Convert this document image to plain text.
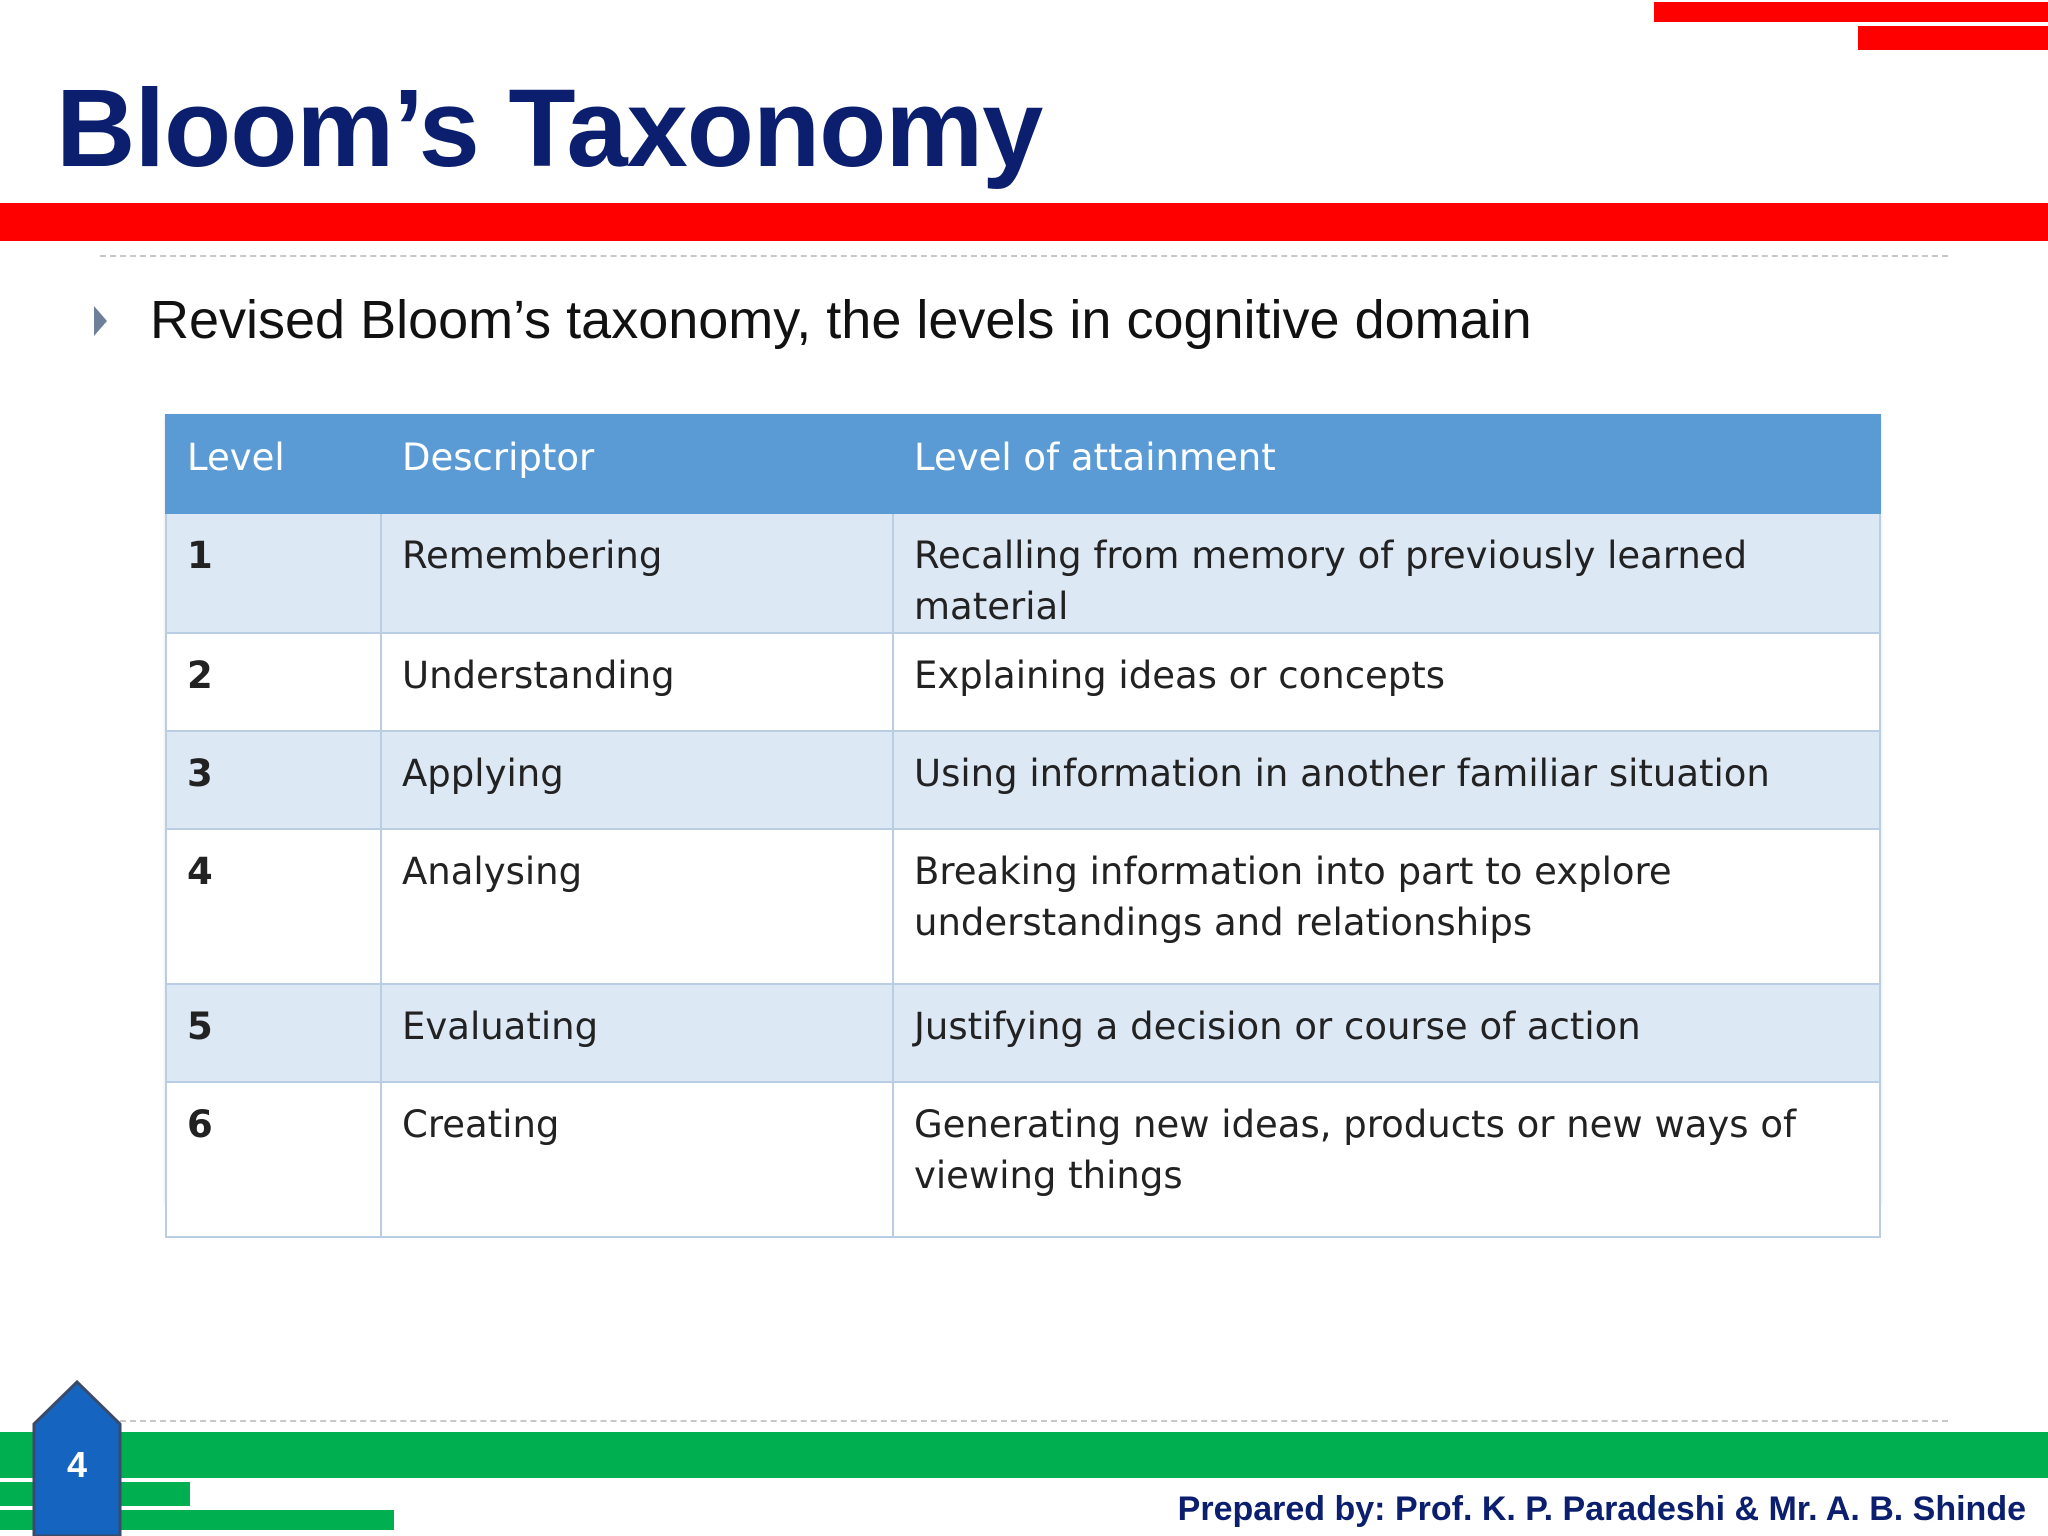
Bloom’s Taxonomy
Revised Bloom’s taxonomy, the levels in cognitive domain
Level	Descriptor	Level of attainment
1	Remembering	Recalling from memory of previously learned material
2	Understanding	Explaining ideas or concepts
3	Applying	Using information in another familiar situation
4	Analysing	Breaking information into part to explore understandings and relationships
5	Evaluating	Justifying a decision or course of action
6	Creating	Generating new ideas, products or new ways of viewing things
4
Prepared by: Prof. K. P. Paradeshi & Mr. A. B. Shinde
